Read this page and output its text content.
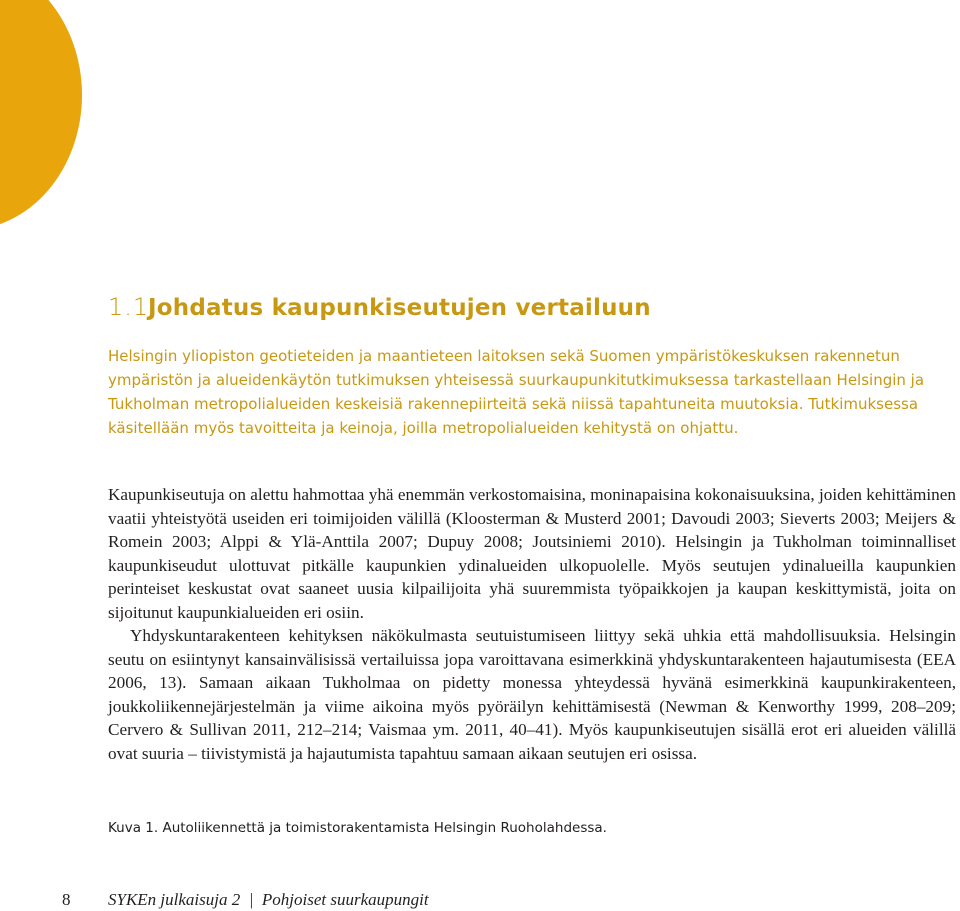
1.1
Johdatus kaupunkiseutujen vertailuun

Helsingin yliopiston geotieteiden ja maantieteen laitoksen sekä Suomen ympäristökeskuksen rakennetun ympäristön ja alueidenkäytön tutkimuksen yhteisessä suurkaupunkitutkimuksessa tarkastellaan Helsingin ja Tukholman metropolialueiden keskeisiä rakennepiirteitä sekä niissä tapahtuneita muutoksia. Tutkimuksessa käsitellään myös tavoitteita ja keinoja, joilla metropolialueiden kehitystä on ohjattu.

Kaupunkiseutuja on alettu hahmottaa yhä enemmän verkostomaisina, moninapaisina kokonaisuuksina, joiden kehittäminen vaatii yhteistyötä useiden eri toimijoiden välillä (Kloosterman & Musterd 2001; Davoudi 2003; Sieverts 2003; Meijers & Romein 2003; Alppi & Ylä-Anttila 2007; Dupuy 2008; Joutsiniemi 2010). Helsingin ja Tukholman toiminnalliset kaupunkiseudut ulottuvat pitkälle kaupunkien ydinalueiden ulkopuolelle. Myös seutujen ydinalueilla kaupunkien perinteiset keskustat ovat saaneet uusia kilpailijoita yhä suuremmista työpaikkojen ja kaupan keskittymistä, joita on sijoitunut kaupunkialueiden eri osiin.

Yhdyskuntarakenteen kehityksen näkökulmasta seutuistumiseen liittyy sekä uhkia että mahdollisuuksia. Helsingin seutu on esiintynyt kansainvälisissä vertailuissa jopa varoittavana esimerkkinä yhdyskuntarakenteen hajautumisesta (EEA 2006, 13). Samaan aikaan Tukholmaa on pidetty monessa yhteydessä hyvänä esimerkkinä kaupunkirakenteen, joukkoliikennejärjestelmän ja viime aikoina myös pyöräilyn kehittämisestä (Newman & Kenworthy 1999, 208–209; Cervero & Sullivan 2011, 212–214; Vaismaa ym. 2011, 40–41). Myös kaupunkiseutujen sisällä erot eri alueiden välillä ovat suuria – tiivistymistä ja hajautumista tapahtuu samaan aikaan seutujen eri osissa.

Kuva 1. Autoliikennettä ja toimistorakentamista Helsingin Ruoholahdessa.
8	SYKEn julkaisuja 2  |  Pohjoiset suurkaupungit
